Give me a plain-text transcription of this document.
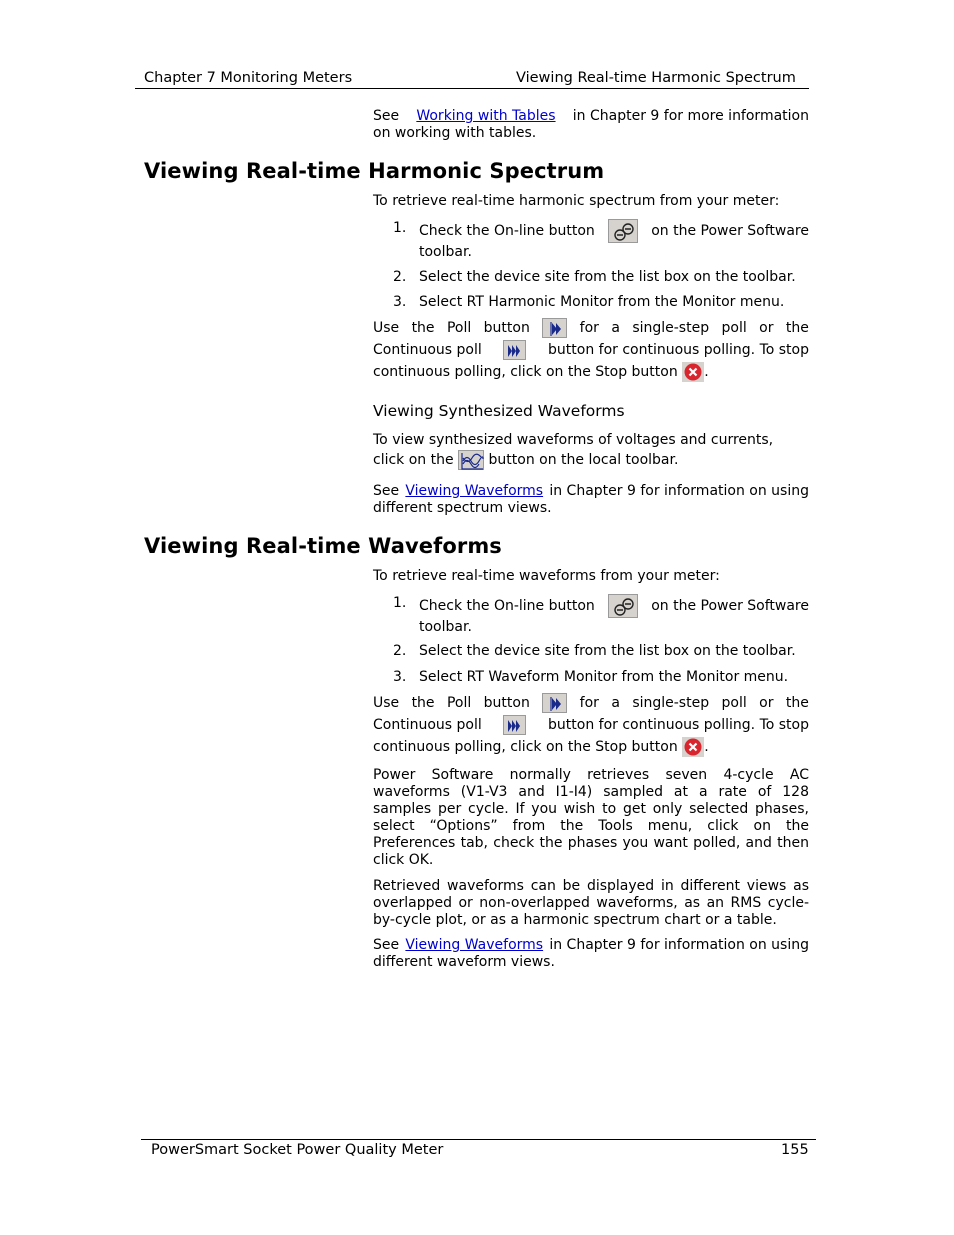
Chapter 7 Monitoring Meters	Viewing Real-time Harmonic Spectrum
See Working with Tables in Chapter 9 for more information
on working with tables.
Viewing Real-time Harmonic Spectrum
To retrieve real-time harmonic spectrum from your meter:
1. Check the On-line button	on the Power Software
toolbar.
2. Select the device site from the list box on the toolbar.
3. Select RT Harmonic Monitor from the Monitor menu.
Use the Poll button	for a single-step poll or the
Continuous poll	button for continuous polling. To stop
continuous polling, click on the Stop button .
Viewing Synthesized Waveforms
To view synthesized waveforms of voltages and currents,
click on the button on the local toolbar.
See Viewing Waveforms in Chapter 9 for information on using
different spectrum views.
Viewing Real-time Waveforms
To retrieve real-time waveforms from your meter:
1. Check the On-line button	on the Power Software
toolbar.
2. Select the device site from the list box on the toolbar.
3. Select RT Waveform Monitor from the Monitor menu.
Use the Poll button	for a single-step poll or the
Continuous poll	button for continuous polling. To stop
continuous polling, click on the Stop button .
Power Software normally retrieves seven 4-cycle AC waveforms (V1-V3 and I1-I4) sampled at a rate of 128 samples per cycle. If you wish to get only selected phases, select “Options” from the Tools menu, click on the Preferences tab, check the phases you want polled, and then click OK.
Retrieved waveforms can be displayed in different views as overlapped or non-overlapped waveforms, as an RMS cycle-by-cycle plot, or as a harmonic spectrum chart or a table.
See Viewing Waveforms in Chapter 9 for information on using
different waveform views.
PowerSmart Socket Power Quality Meter	155
